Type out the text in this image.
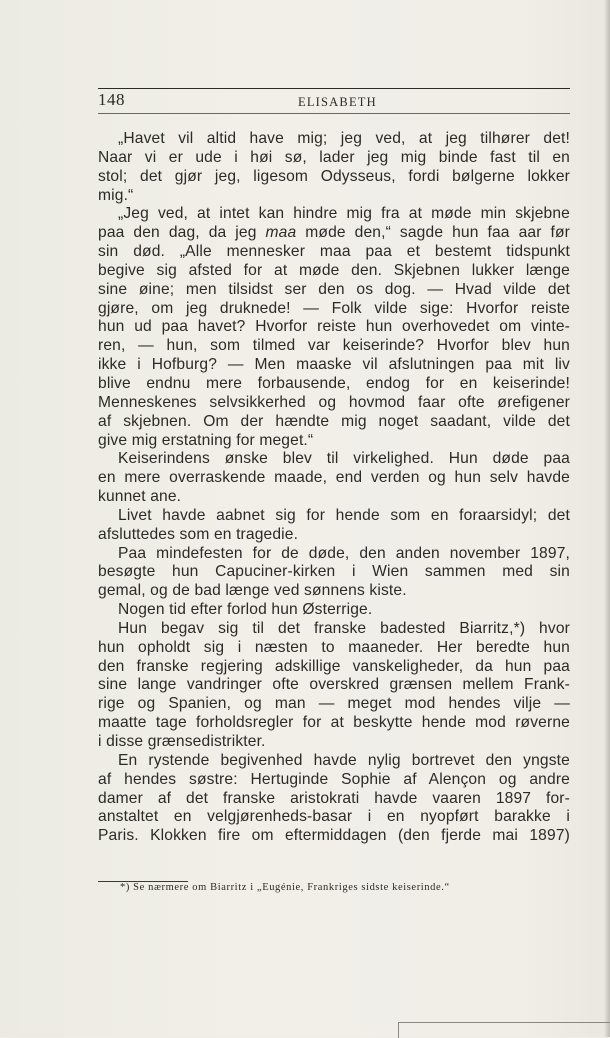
148	ELISABETH
„Havet vil altid have mig; jeg ved, at jeg tilhører det!
Naar vi er ude i høi sø, lader jeg mig binde fast til en
stol; det gjør jeg, ligesom Odysseus, fordi bølgerne lokker
mig.“
„Jeg ved, at intet kan hindre mig fra at møde min skjebne
paa den dag, da jeg maa møde den,“ sagde hun faa aar før
sin død. „Alle mennesker maa paa et bestemt tidspunkt
begive sig afsted for at møde den. Skjebnen lukker længe
sine øine; men tilsidst ser den os dog. — Hvad vilde det
gjøre, om jeg druknede! — Folk vilde sige: Hvorfor reiste
hun ud paa havet? Hvorfor reiste hun overhovedet om vinte-
ren, — hun, som tilmed var keiserinde? Hvorfor blev hun
ikke i Hofburg? — Men maaske vil afslutningen paa mit liv
blive endnu mere forbausende, endog for en keiserinde!
Menneskenes selvsikkerhed og hovmod faar ofte ørefigener
af skjebnen. Om der hændte mig noget saadant, vilde det
give mig erstatning for meget.“
Keiserindens ønske blev til virkelighed. Hun døde paa
en mere overraskende maade, end verden og hun selv havde
kunnet ane.
Livet havde aabnet sig for hende som en foraarsidyl; det
afsluttedes som en tragedie.
Paa mindefesten for de døde, den anden november 1897,
besøgte hun Capuciner-kirken i Wien sammen med sin
gemal, og de bad længe ved sønnens kiste.
Nogen tid efter forlod hun Østerrige.
Hun begav sig til det franske badested Biarritz,*) hvor
hun opholdt sig i næsten to maaneder. Her beredte hun
den franske regjering adskillige vanskeligheder, da hun paa
sine lange vandringer ofte overskred grænsen mellem Frank-
rige og Spanien, og man — meget mod hendes vilje —
maatte tage forholdsregler for at beskytte hende mod røverne
i disse grænsedistrikter.
En rystende begivenhed havde nylig bortrevet den yngste
af hendes søstre: Hertuginde Sophie af Alençon og andre
damer af det franske aristokrati havde vaaren 1897 for-
anstaltet en velgjørenheds-basar i en nyopført barakke i
Paris. Klokken fire om eftermiddagen (den fjerde mai 1897)
*) Se nærmere om Biarritz i „Eugénie, Frankriges sidste keiserinde.“
